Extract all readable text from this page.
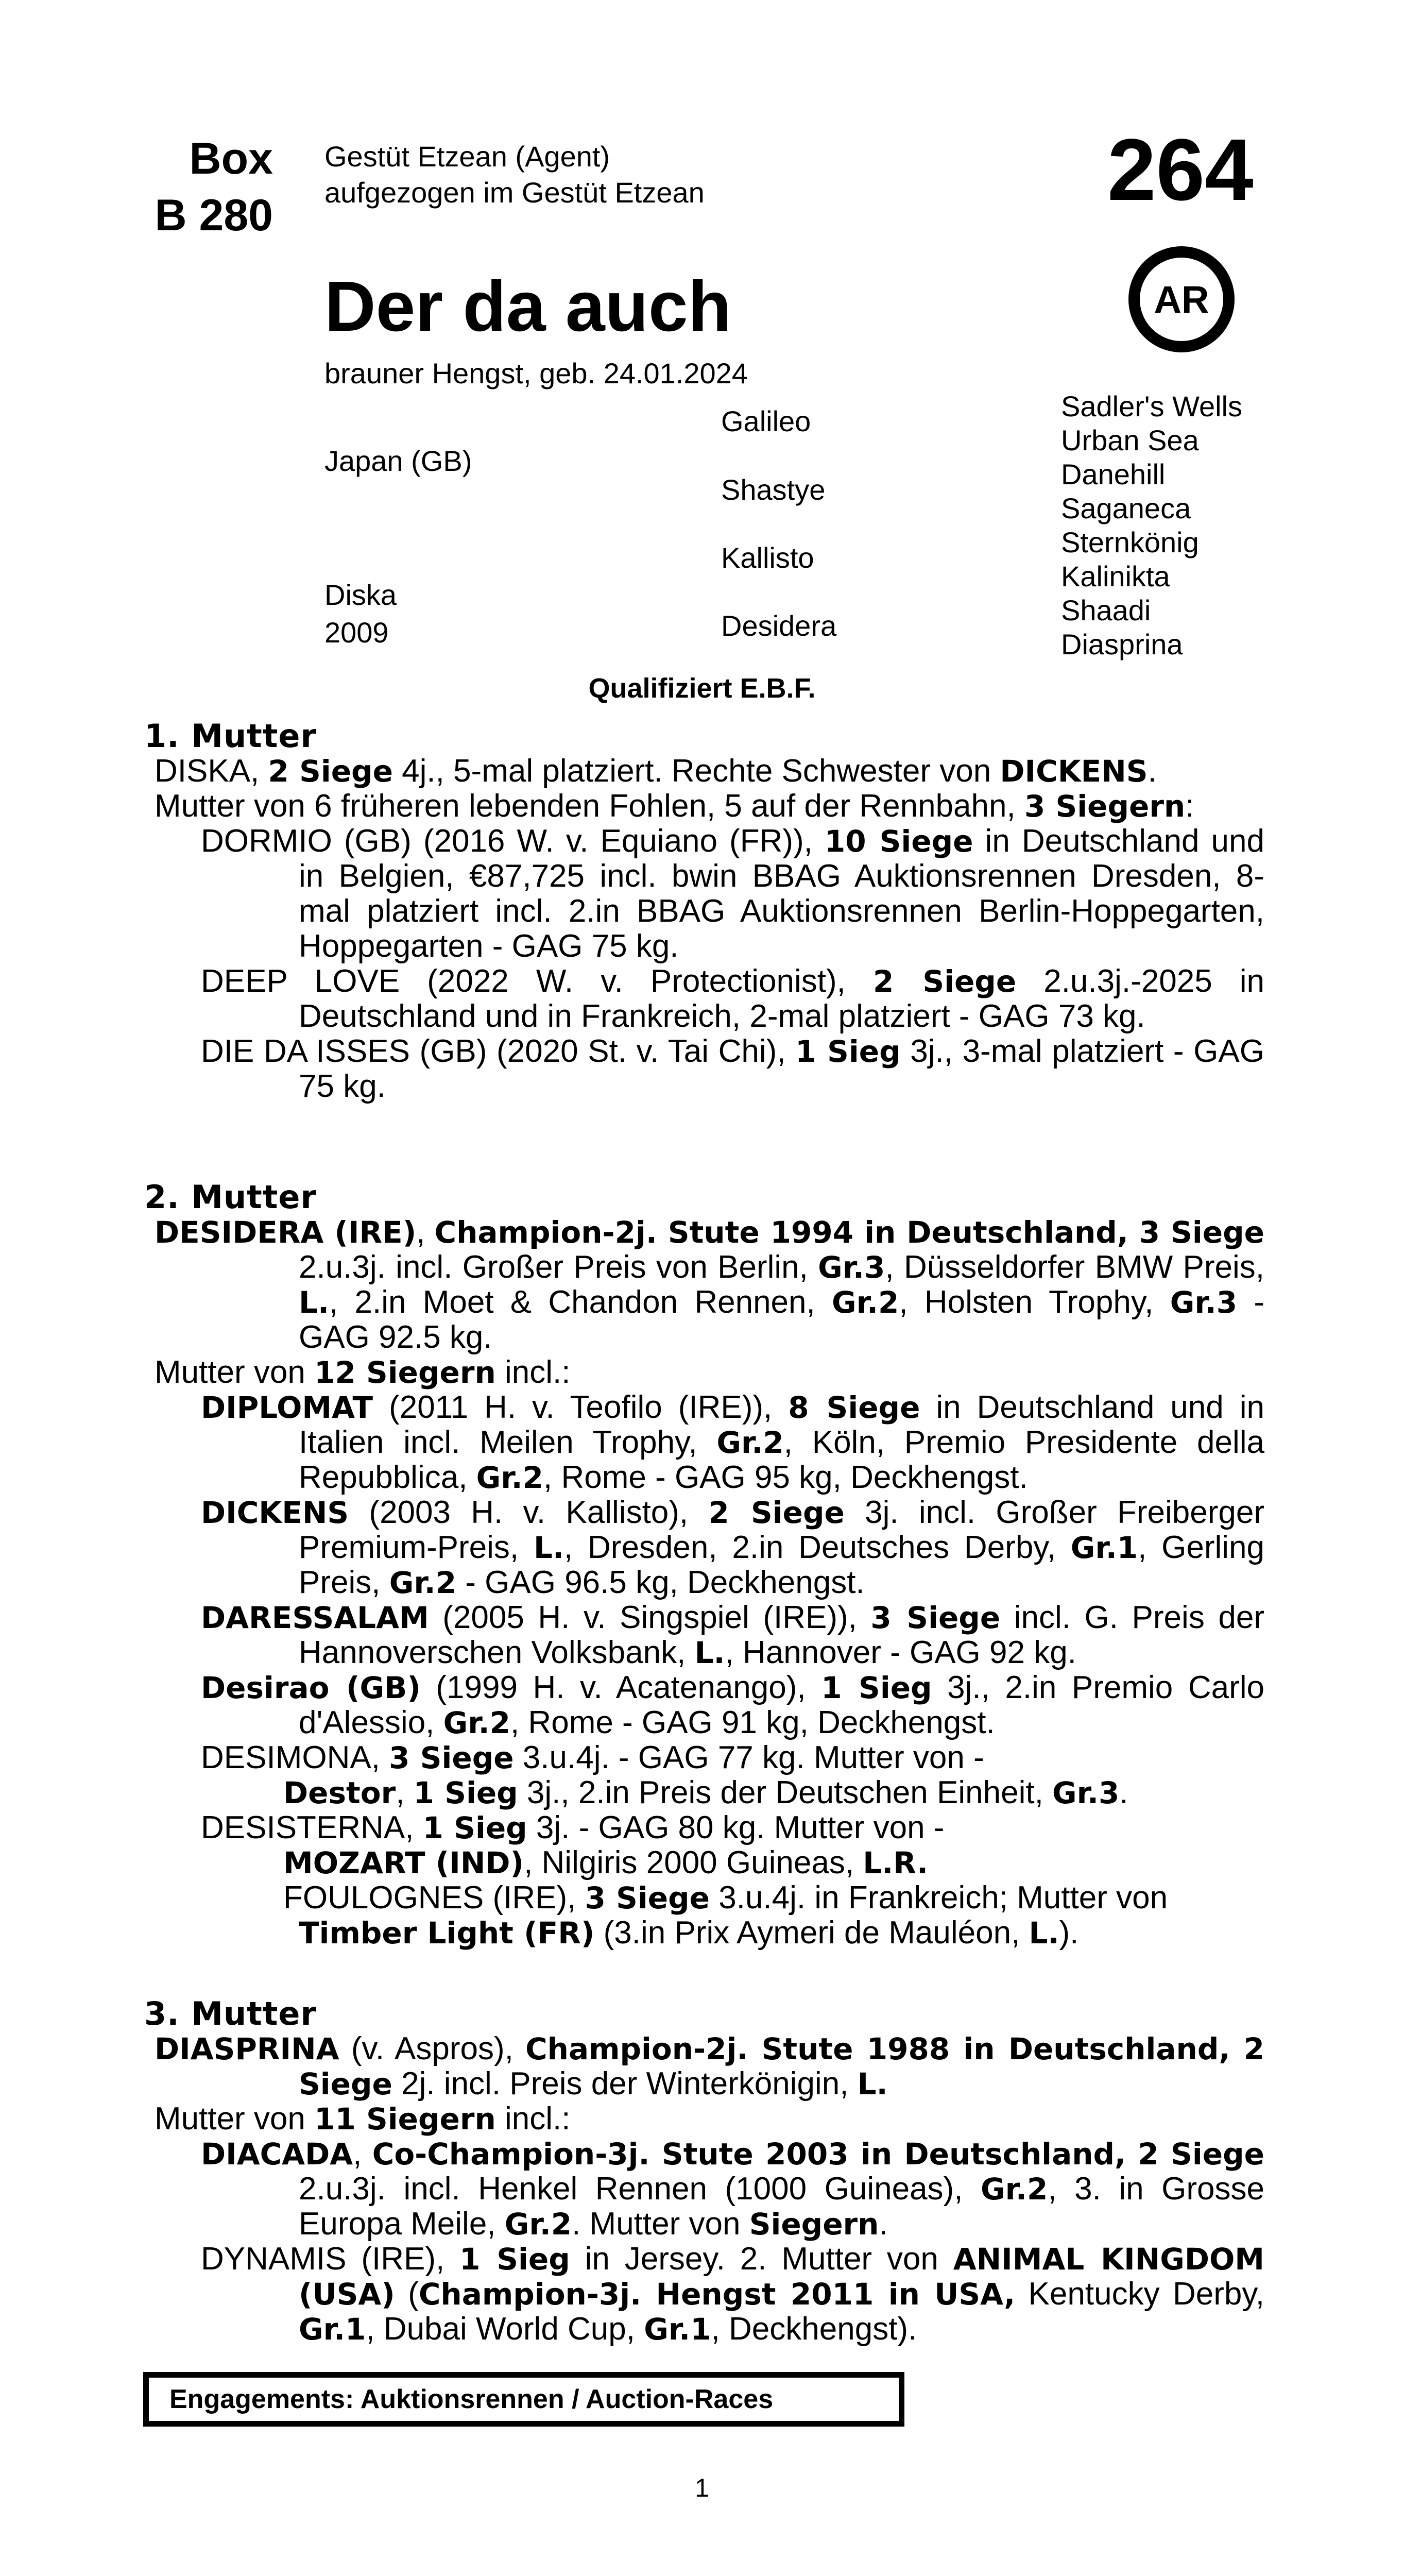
Box
B 280
Gestüt Etzean (Agent)
aufgezogen im Gestüt Etzean	264
AR
Der da auch
brauner Hengst, geb. 24.01.2024
Japan (GB)
Diska
2009
Galileo
Shastye
Kallisto
Desidera
Sadler's Wells
Urban Sea
Danehill
Saganeca
Sternkönig
Kalinikta
Shaadi
Diasprina
Qualifiziert E.B.F.
1. Mutter

DISKA, 2 Siege 4j., 5-mal platziert. Rechte Schwester von DICKENS.

Mutter von 6 früheren lebenden Fohlen, 5 auf der Rennbahn, 3 Siegern:

DORMIO (GB) (2016 W. v. Equiano (FR)), 10 Siege in Deutschland und in Belgien, €87,725 incl. bwin BBAG Auktionsrennen Dresden, 8-mal platziert incl. 2.in BBAG Auktionsrennen Berlin-Hoppegarten, Hoppegarten - GAG 75 kg.

DEEP LOVE (2022 W. v. Protectionist), 2 Siege 2.u.3j.-2025 in Deutschland und in Frankreich, 2-mal platziert - GAG 73 kg.

DIE DA ISSES (GB) (2020 St. v. Tai Chi), 1 Sieg 3j., 3-mal platziert - GAG 75 kg.

2. Mutter

DESIDERA (IRE), Champion-2j. Stute 1994 in Deutschland, 3 Siege 2.u.3j. incl. Großer Preis von Berlin, Gr.3, Düsseldorfer BMW Preis, L., 2.in Moet & Chandon Rennen, Gr.2, Holsten Trophy, Gr.3 - GAG 92.5 kg.

Mutter von 12 Siegern incl.:

DIPLOMAT (2011 H. v. Teofilo (IRE)), 8 Siege in Deutschland und in Italien incl. Meilen Trophy, Gr.2, Köln, Premio Presidente della Repubblica, Gr.2, Rome - GAG 95 kg, Deckhengst.

DICKENS (2003 H. v. Kallisto), 2 Siege 3j. incl. Großer Freiberger Premium-Preis, L., Dresden, 2.in Deutsches Derby, Gr.1, Gerling Preis, Gr.2 - GAG 96.5 kg, Deckhengst.

DARESSALAM (2005 H. v. Singspiel (IRE)), 3 Siege incl. G. Preis der Hannoverschen Volksbank, L., Hannover - GAG 92 kg.

Desirao (GB) (1999 H. v. Acatenango), 1 Sieg 3j., 2.in Premio Carlo d'Alessio, Gr.2, Rome - GAG 91 kg, Deckhengst.

DESIMONA, 3 Siege 3.u.4j. - GAG 77 kg. Mutter von -

Destor, 1 Sieg 3j., 2.in Preis der Deutschen Einheit, Gr.3.

DESISTERNA, 1 Sieg 3j. - GAG 80 kg. Mutter von -

MOZART (IND), Nilgiris 2000 Guineas, L.R.

FOULOGNES (IRE), 3 Siege 3.u.4j. in Frankreich; Mutter von

Timber Light (FR) (3.in Prix Aymeri de Mauléon, L.).

3. Mutter

DIASPRINA (v. Aspros), Champion-2j. Stute 1988 in Deutschland, 2 Siege 2j. incl. Preis der Winterkönigin, L.

Mutter von 11 Siegern incl.:

DIACADA, Co-Champion-3j. Stute 2003 in Deutschland, 2 Siege 2.u.3j. incl. Henkel Rennen (1000 Guineas), Gr.2, 3. in Grosse Europa Meile, Gr.2. Mutter von Siegern.

DYNAMIS (IRE), 1 Sieg in Jersey. 2. Mutter von ANIMAL KINGDOM (USA) (Champion-3j. Hengst 2011 in USA, Kentucky Derby, Gr.1, Dubai World Cup, Gr.1, Deckhengst).

Engagements: Auktionsrennen / Auction-Races
1
